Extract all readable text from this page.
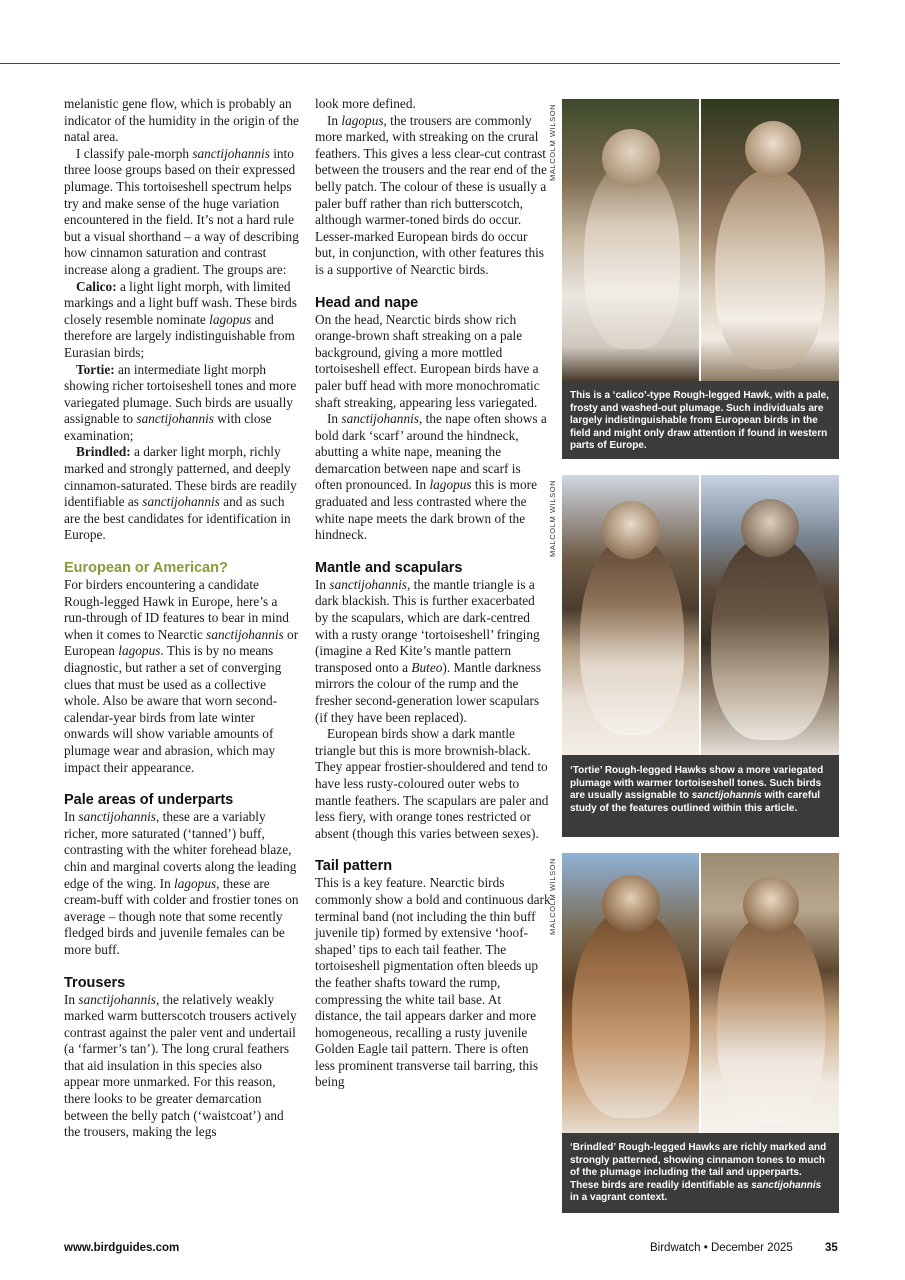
melanistic gene flow, which is probably an indicator of the humidity in the origin of the natal area.

I classify pale-morph sanctijohannis into three loose groups based on their expressed plumage. This tortoiseshell spectrum helps try and make sense of the huge variation encountered in the field. It’s not a hard rule but a visual shorthand – a way of describing how cinnamon saturation and contrast increase along a gradient. The groups are:

Calico: a light light morph, with limited markings and a light buff wash. These birds closely resemble nominate lagopus and therefore are largely indistinguishable from Eurasian birds;

Tortie: an intermediate light morph showing richer tortoiseshell tones and more variegated plumage. Such birds are usually assignable to sanctijohannis with close examination;

Brindled: a darker light morph, richly marked and strongly patterned, and deeply cinnamon-saturated. These birds are readily identifiable as sanctijohannis and as such are the best candidates for identification in Europe.

European or American?

For birders encountering a candidate Rough-legged Hawk in Europe, here’s a run-through of ID features to bear in mind when it comes to Nearctic sanctijohannis or European lagopus. This is by no means diagnostic, but rather a set of converging clues that must be used as a collective whole. Also be aware that worn second-calendar-year birds from late winter onwards will show variable amounts of plumage wear and abrasion, which may impact their appearance.

Pale areas of underparts

In sanctijohannis, these are a variably richer, more saturated (‘tanned’) buff, contrasting with the whiter forehead blaze, chin and marginal coverts along the leading edge of the wing. In lagopus, these are cream-buff with colder and frostier tones on average – though note that some recently fledged birds and juvenile females can be more buff.

Trousers

In sanctijohannis, the relatively weakly marked warm butterscotch trousers actively contrast against the paler vent and undertail (a ‘farmer’s tan’). The long crural feathers that aid insulation in this species also appear more unmarked. For this reason, there looks to be greater demarcation between the belly patch (‘waistcoat’) and the trousers, making the legs

look more defined.

In lagopus, the trousers are commonly more marked, with streaking on the crural feathers. This gives a less clear-cut contrast between the trousers and the rear end of the belly patch. The colour of these is usually a paler buff rather than rich butterscotch, although warmer-toned birds do occur. Lesser-marked European birds do occur but, in conjunction, with other features this is a supportive of Nearctic birds.

Head and nape

On the head, Nearctic birds show rich orange-brown shaft streaking on a pale background, giving a more mottled tortoiseshell effect. European birds have a paler buff head with more monochromatic shaft streaking, appearing less variegated.

In sanctijohannis, the nape often shows a bold dark ‘scarf’ around the hindneck, abutting a white nape, meaning the demarcation between nape and scarf is often pronounced. In lagopus this is more graduated and less contrasted where the white nape meets the dark brown of the hindneck.

Mantle and scapulars

In sanctijohannis, the mantle triangle is a dark blackish. This is further exacerbated by the scapulars, which are dark-centred with a rusty orange ‘tortoiseshell’ fringing (imagine a Red Kite’s mantle pattern transposed onto a Buteo). Mantle darkness mirrors the colour of the rump and the fresher second-generation lower scapulars (if they have been replaced).

European birds show a dark mantle triangle but this is more brownish-black. They appear frostier-shouldered and tend to have less rusty-coloured outer webs to mantle feathers. The scapulars are paler and less fiery, with orange tones restricted or absent (though this varies between sexes).

Tail pattern

This is a key feature. Nearctic birds commonly show a bold and continuous dark terminal band (not including the thin buff juvenile tip) formed by extensive ‘hoof-shaped’ tips to each tail feather. The tortoiseshell pigmentation often bleeds up the feather shafts toward the rump, compressing the white tail base. At distance, the tail appears darker and more homogeneous, recalling a rusty juvenile Golden Eagle tail pattern. There is often less prominent transverse tail barring, this being

MALCOLM WILSON
MALCOLM WILSON
MALCOLM WILSON
This is a ‘calico’-type Rough-legged Hawk, with a pale, frosty and washed-out plumage. Such individuals are largely indistinguishable from European birds in the field and might only draw attention if found in western parts of Europe.
‘Tortie’ Rough-legged Hawks show a more variegated plumage with warmer tortoiseshell tones. Such birds are usually assignable to sanctijohannis with careful study of the features outlined within this article.
‘Brindled’ Rough-legged Hawks are richly marked and strongly patterned, showing cinnamon tones to much of the plumage including the tail and upperparts. These birds are readily identifiable as sanctijohannis in a vagrant context.
www.birdguides.com	Birdwatch • December 2025	35
